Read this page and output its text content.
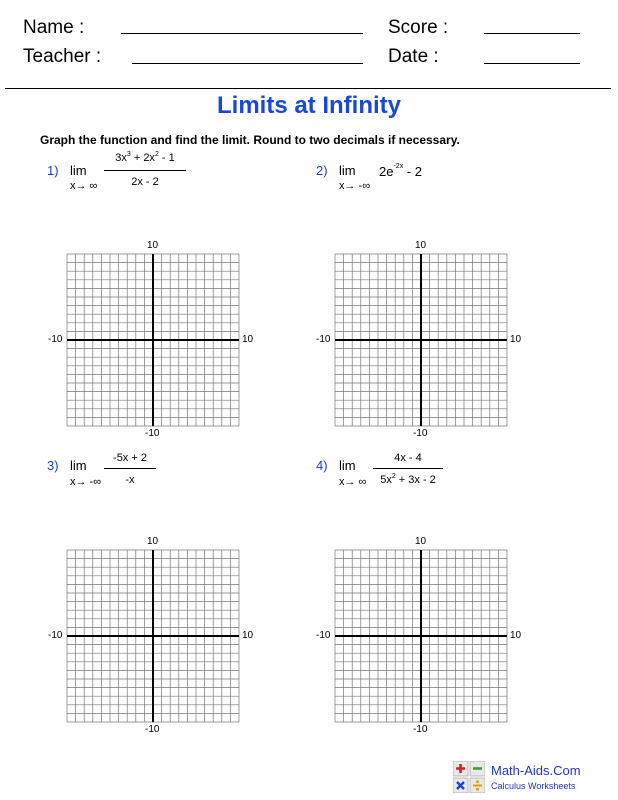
Name :	Score :
Teacher :	Date :
Limits at Infinity
Graph the function and find the limit. Round to two decimals if necessary.
1) lim
x→ ∞
$3x^3 + 2x^2 - 1$
2x - 2
2) lim
x→ -∞
$2e^{-2x} - 2$
3) lim
x→ -∞
-5x + 2
-x
4) lim
x→ ∞
4x - 4
$5x^2 + 3x - 2$
10
-10
-10	10
10
-10
-10	10
10
-10
-10	10
10
-10
-10	10
Math-Aids.Com
Calculus Worksheets
